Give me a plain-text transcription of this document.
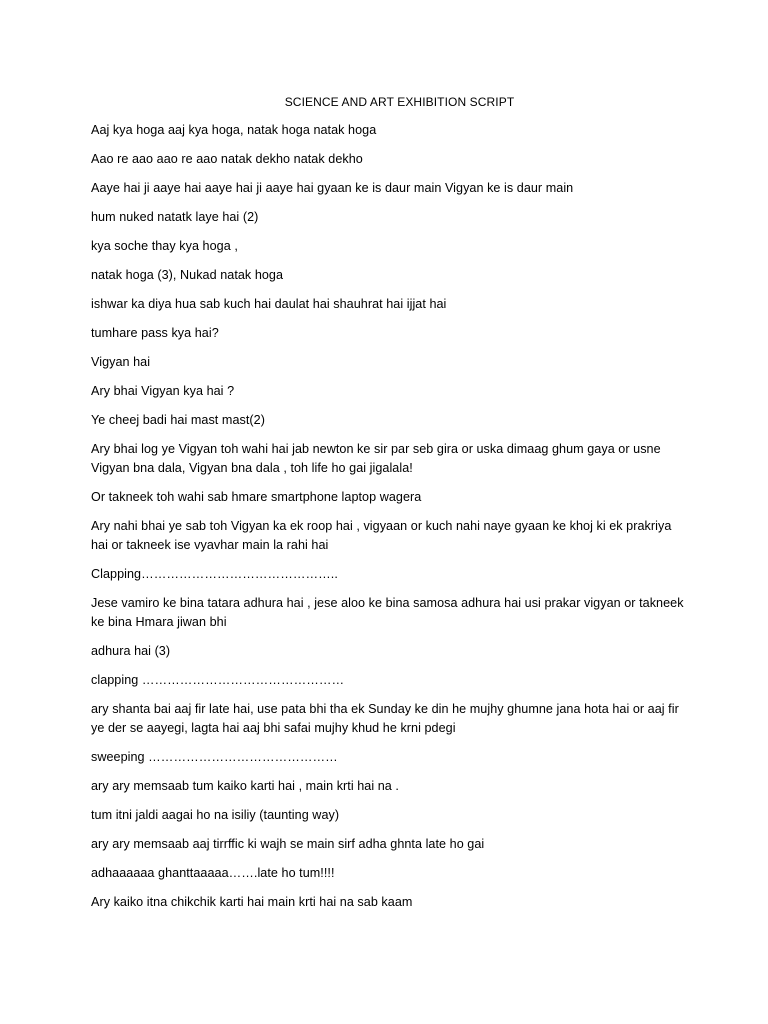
SCIENCE AND ART EXHIBITION SCRIPT
Aaj kya hoga aaj kya hoga, natak hoga natak hoga
Aao re aao aao re aao natak dekho natak dekho
Aaye hai ji aaye hai aaye hai ji aaye hai gyaan ke is daur main Vigyan ke is daur main
hum nuked natatk laye hai (2)
kya soche thay kya hoga ,
natak hoga (3), Nukad natak hoga
ishwar ka diya hua sab kuch hai daulat hai shauhrat hai ijjat hai
tumhare pass kya hai?
Vigyan hai
Ary bhai Vigyan kya hai ?
Ye cheej badi hai mast mast(2)
Ary bhai log ye Vigyan toh wahi hai jab newton ke sir par seb gira or uska dimaag ghum gaya or usne Vigyan bna dala, Vigyan bna dala , toh life ho gai jigalala!
Or takneek toh wahi sab hmare smartphone laptop wagera
Ary nahi bhai ye sab toh Vigyan ka ek roop hai , vigyaan or kuch nahi naye gyaan ke khoj ki ek prakriya hai or takneek ise vyavhar main la rahi hai
Clapping………………………………………..
Jese vamiro ke bina tatara adhura hai , jese aloo ke bina samosa adhura hai usi prakar vigyan or takneek ke bina Hmara jiwan bhi
adhura hai (3)
clapping …………………………………………
ary shanta bai aaj fir late hai, use pata bhi tha ek Sunday ke din he mujhy ghumne jana hota hai or aaj fir ye der se aayegi, lagta hai aaj bhi safai mujhy khud he krni pdegi
sweeping ………………………………………
ary ary memsaab tum kaiko karti hai , main krti hai na .
tum itni jaldi aagai ho na isiliy (taunting way)
ary ary memsaab aaj tirrffic ki wajh se main sirf adha ghnta late ho gai
adhaaaaaa ghanttaaaaa…….late ho tum!!!!
Ary kaiko itna chikchik karti hai main krti hai na sab kaam
